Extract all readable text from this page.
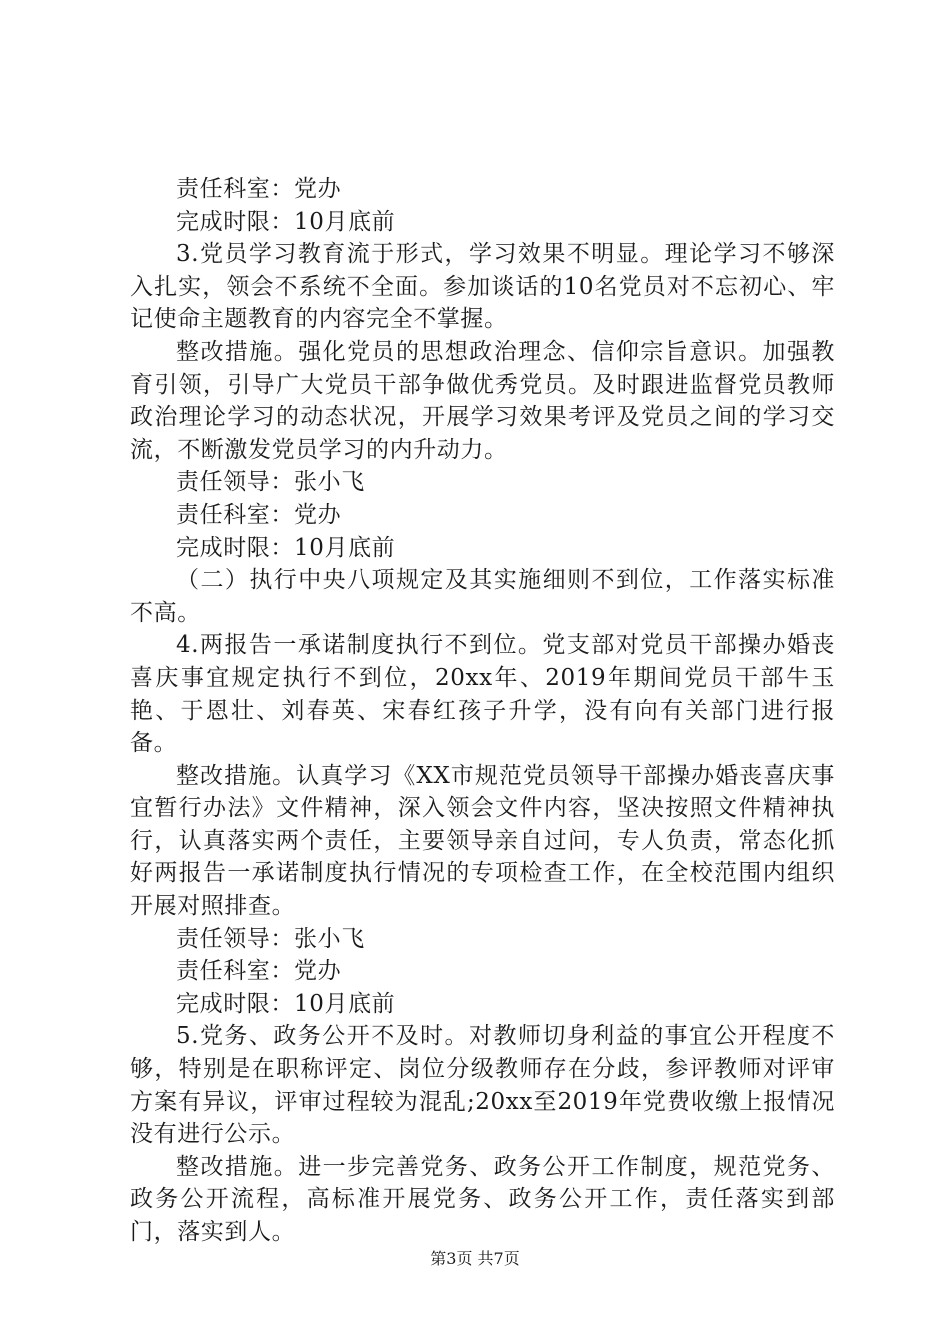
责任科室：党办

完成时限：10月底前

3.党员学习教育流于形式，学习效果不明显。理论学习不够深入扎实，领会不系统不全面。参加谈话的10名党员对不忘初心、牢记使命主题教育的内容完全不掌握。

整改措施。强化党员的思想政治理念、信仰宗旨意识。加强教育引领，引导广大党员干部争做优秀党员。及时跟进监督党员教师政治理论学习的动态状况，开展学习效果考评及党员之间的学习交流，不断激发党员学习的内升动力。

责任领导：张小飞

责任科室：党办

完成时限：10月底前

（二）执行中央八项规定及其实施细则不到位，工作落实标准不高。

4.两报告一承诺制度执行不到位。党支部对党员干部操办婚丧喜庆事宜规定执行不到位，20xx年、2019年期间党员干部牛玉艳、于恩壮、刘春英、宋春红孩子升学，没有向有关部门进行报备。

整改措施。认真学习《XX市规范党员领导干部操办婚丧喜庆事宜暂行办法》文件精神，深入领会文件内容，坚决按照文件精神执行，认真落实两个责任，主要领导亲自过问，专人负责，常态化抓好两报告一承诺制度执行情况的专项检查工作，在全校范围内组织开展对照排查。

责任领导：张小飞

责任科室：党办

完成时限：10月底前

5.党务、政务公开不及时。对教师切身利益的事宜公开程度不够，特别是在职称评定、岗位分级教师存在分歧，参评教师对评审方案有异议，评审过程较为混乱;20xx至2019年党费收缴上报情况没有进行公示。

整改措施。进一步完善党务、政务公开工作制度，规范党务、政务公开流程，高标准开展党务、政务公开工作，责任落实到部门，落实到人。

第3页 共7页
